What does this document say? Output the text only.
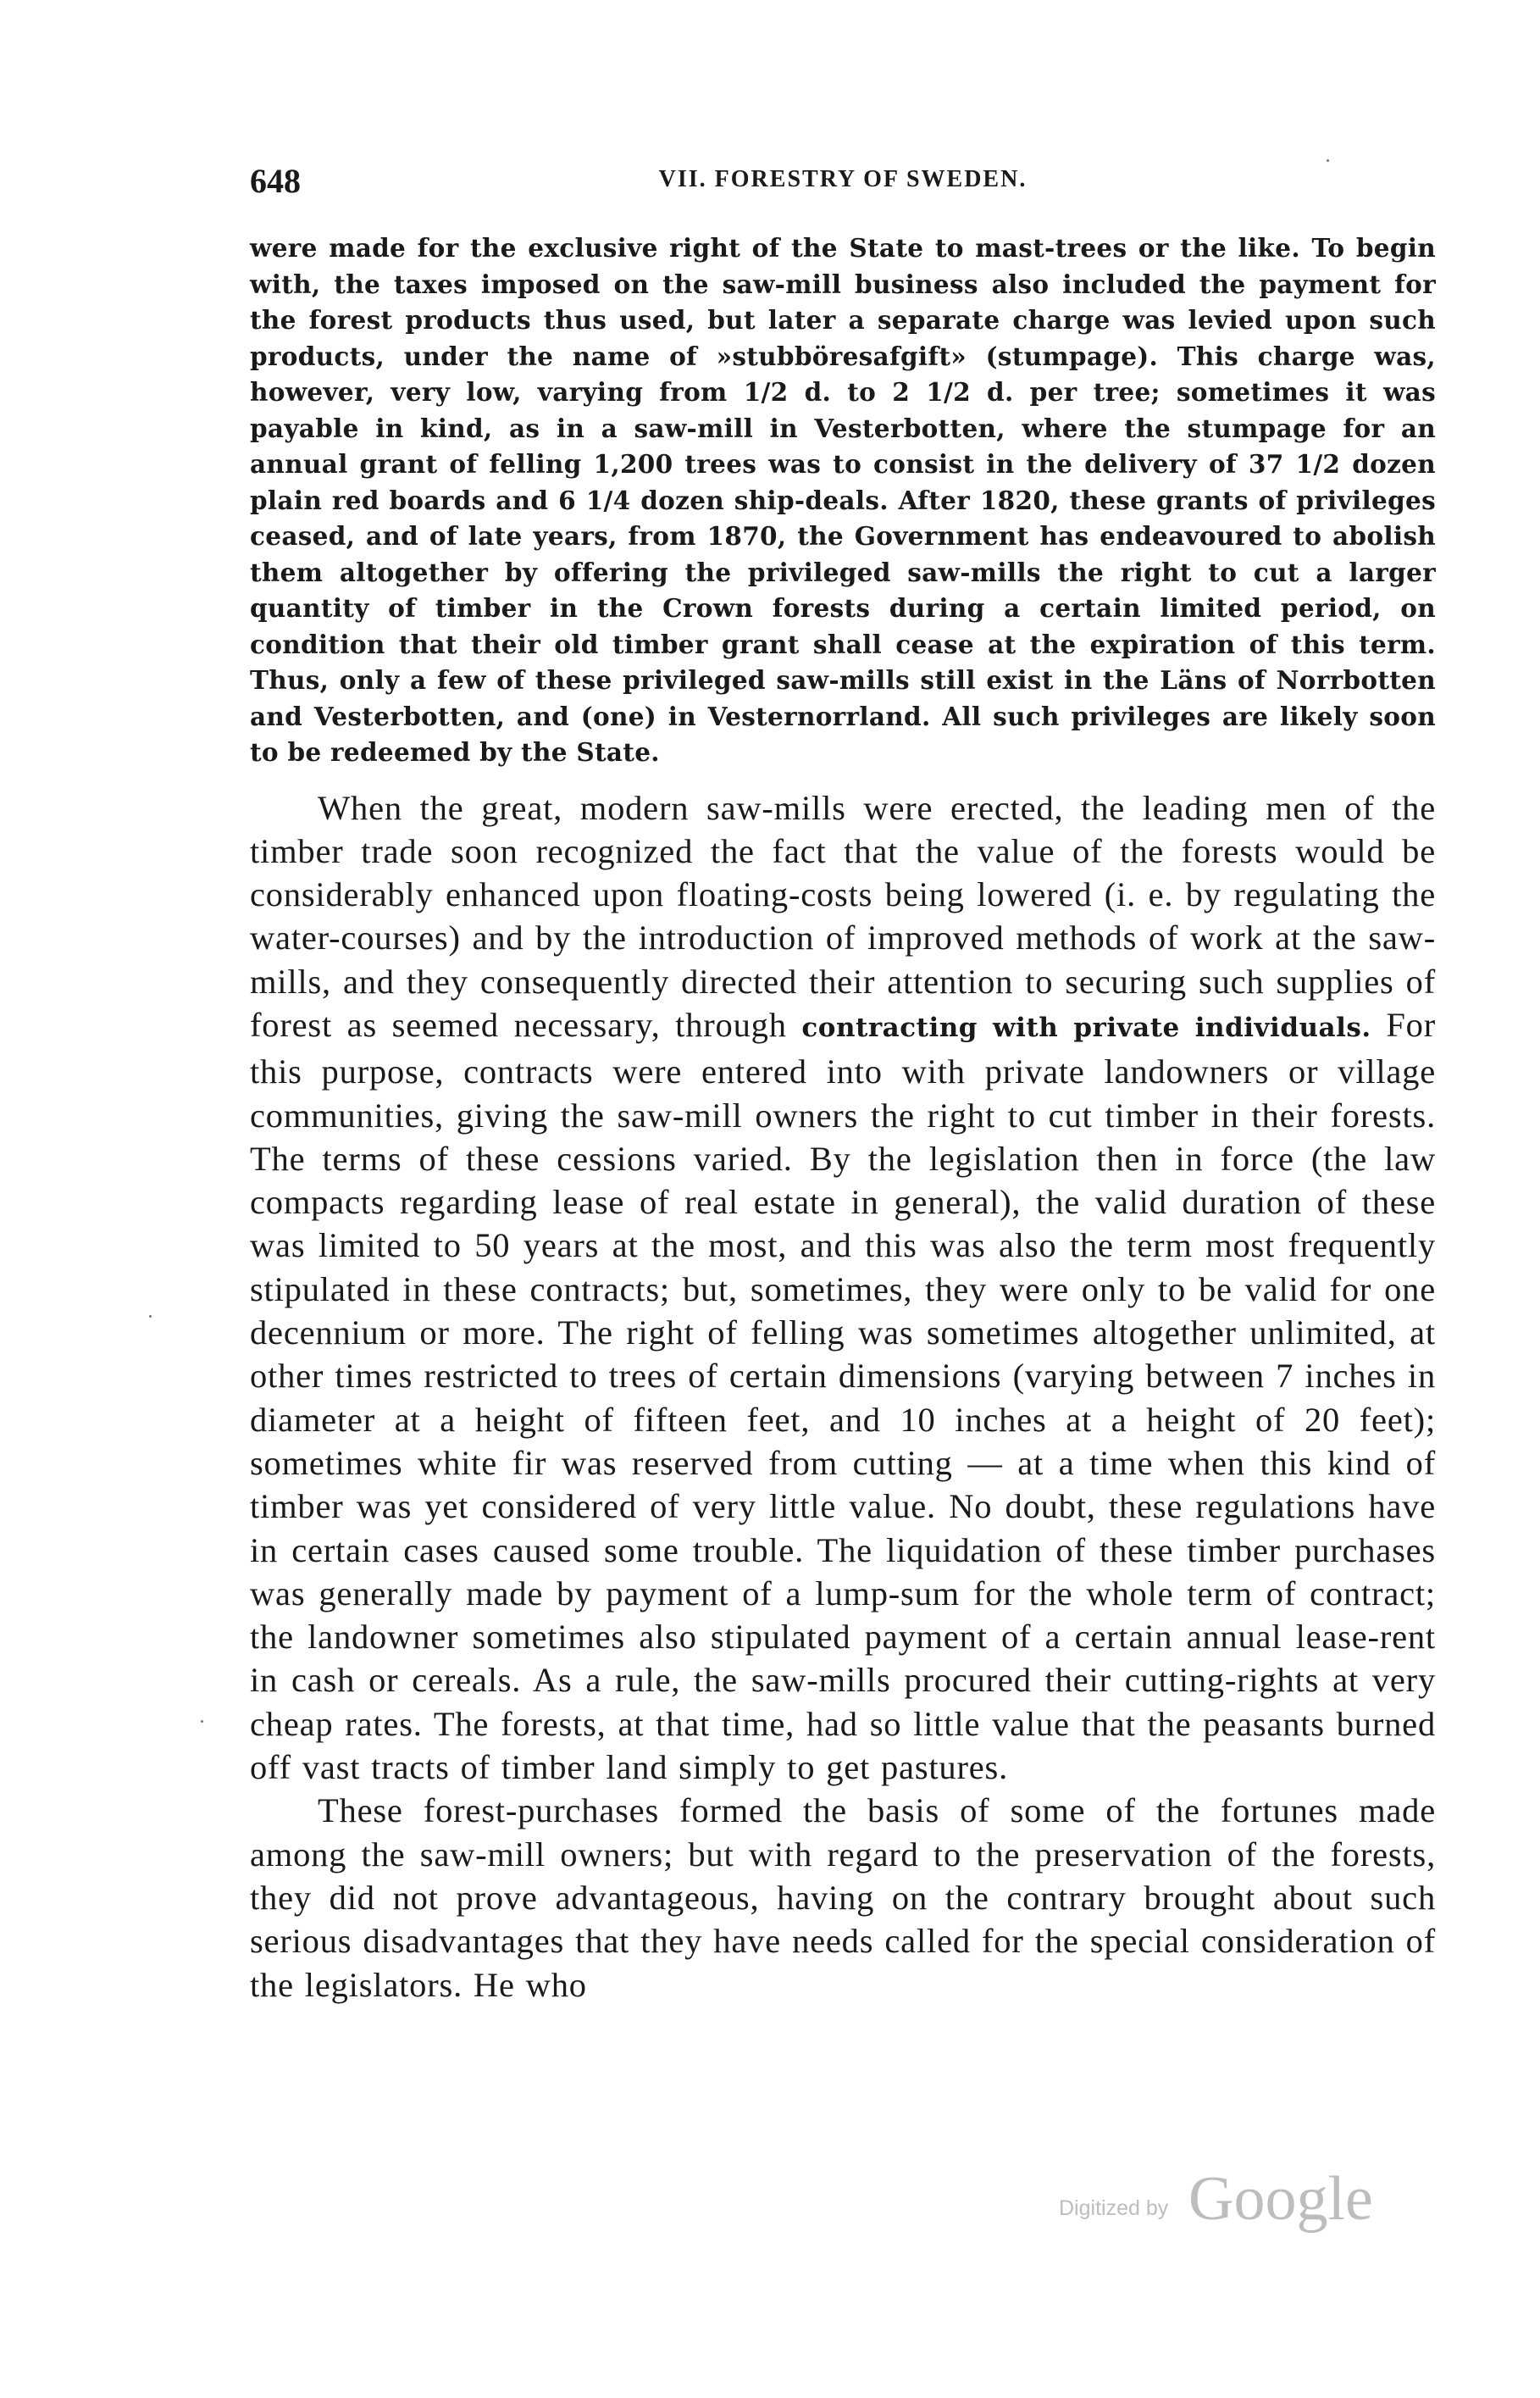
648	VII. FORESTRY OF SWEDEN.

were made for the exclusive right of the State to mast-trees or the like. To begin with, the taxes imposed on the saw-mill business also included the payment for the forest products thus used, but later a separate charge was levied upon such products, under the name of »stubböresafgift» (stumpage). This charge was, however, very low, varying from 1/2 d. to 2 1/2 d. per tree; sometimes it was payable in kind, as in a saw-mill in Vesterbotten, where the stumpage for an annual grant of felling 1,200 trees was to consist in the delivery of 37 1/2 dozen plain red boards and 6 1/4 dozen ship-deals. After 1820, these grants of privileges ceased, and of late years, from 1870, the Government has endeavoured to abolish them altogether by offering the privileged saw-mills the right to cut a larger quantity of timber in the Crown forests during a certain limited period, on condition that their old timber grant shall cease at the expiration of this term. Thus, only a few of these privileged saw-mills still exist in the Läns of Norrbotten and Vesterbotten, and (one) in Vesternorrland. All such privileges are likely soon to be redeemed by the State.

When the great, modern saw-mills were erected, the leading men of the timber trade soon recognized the fact that the value of the forests would be considerably enhanced upon floating-costs being lowered (i. e. by regulating the water-courses) and by the introduction of improved methods of work at the saw-mills, and they consequently directed their attention to securing such supplies of forest as seemed necessary, through contracting with private individuals. For this purpose, contracts were entered into with private landowners or village communities, giving the saw-mill owners the right to cut timber in their forests. The terms of these cessions varied. By the legislation then in force (the law compacts regarding lease of real estate in general), the valid duration of these was limited to 50 years at the most, and this was also the term most frequently stipulated in these contracts; but, sometimes, they were only to be valid for one decennium or more. The right of felling was sometimes altogether unlimited, at other times restricted to trees of certain dimensions (varying between 7 inches in diameter at a height of fifteen feet, and 10 inches at a height of 20 feet); sometimes white fir was reserved from cutting — at a time when this kind of timber was yet considered of very little value. No doubt, these regulations have in certain cases caused some trouble. The liquidation of these timber purchases was generally made by payment of a lump-sum for the whole term of contract; the landowner sometimes also stipulated payment of a certain annual lease-rent in cash or cereals. As a rule, the saw-mills procured their cutting-rights at very cheap rates. The forests, at that time, had so little value that the peasants burned off vast tracts of timber land simply to get pastures.

These forest-purchases formed the basis of some of the fortunes made among the saw-mill owners; but with regard to the preservation of the forests, they did not prove advantageous, having on the contrary brought about such serious disadvantages that they have needs called for the special consideration of the legislators. He who

Digitized by Google
